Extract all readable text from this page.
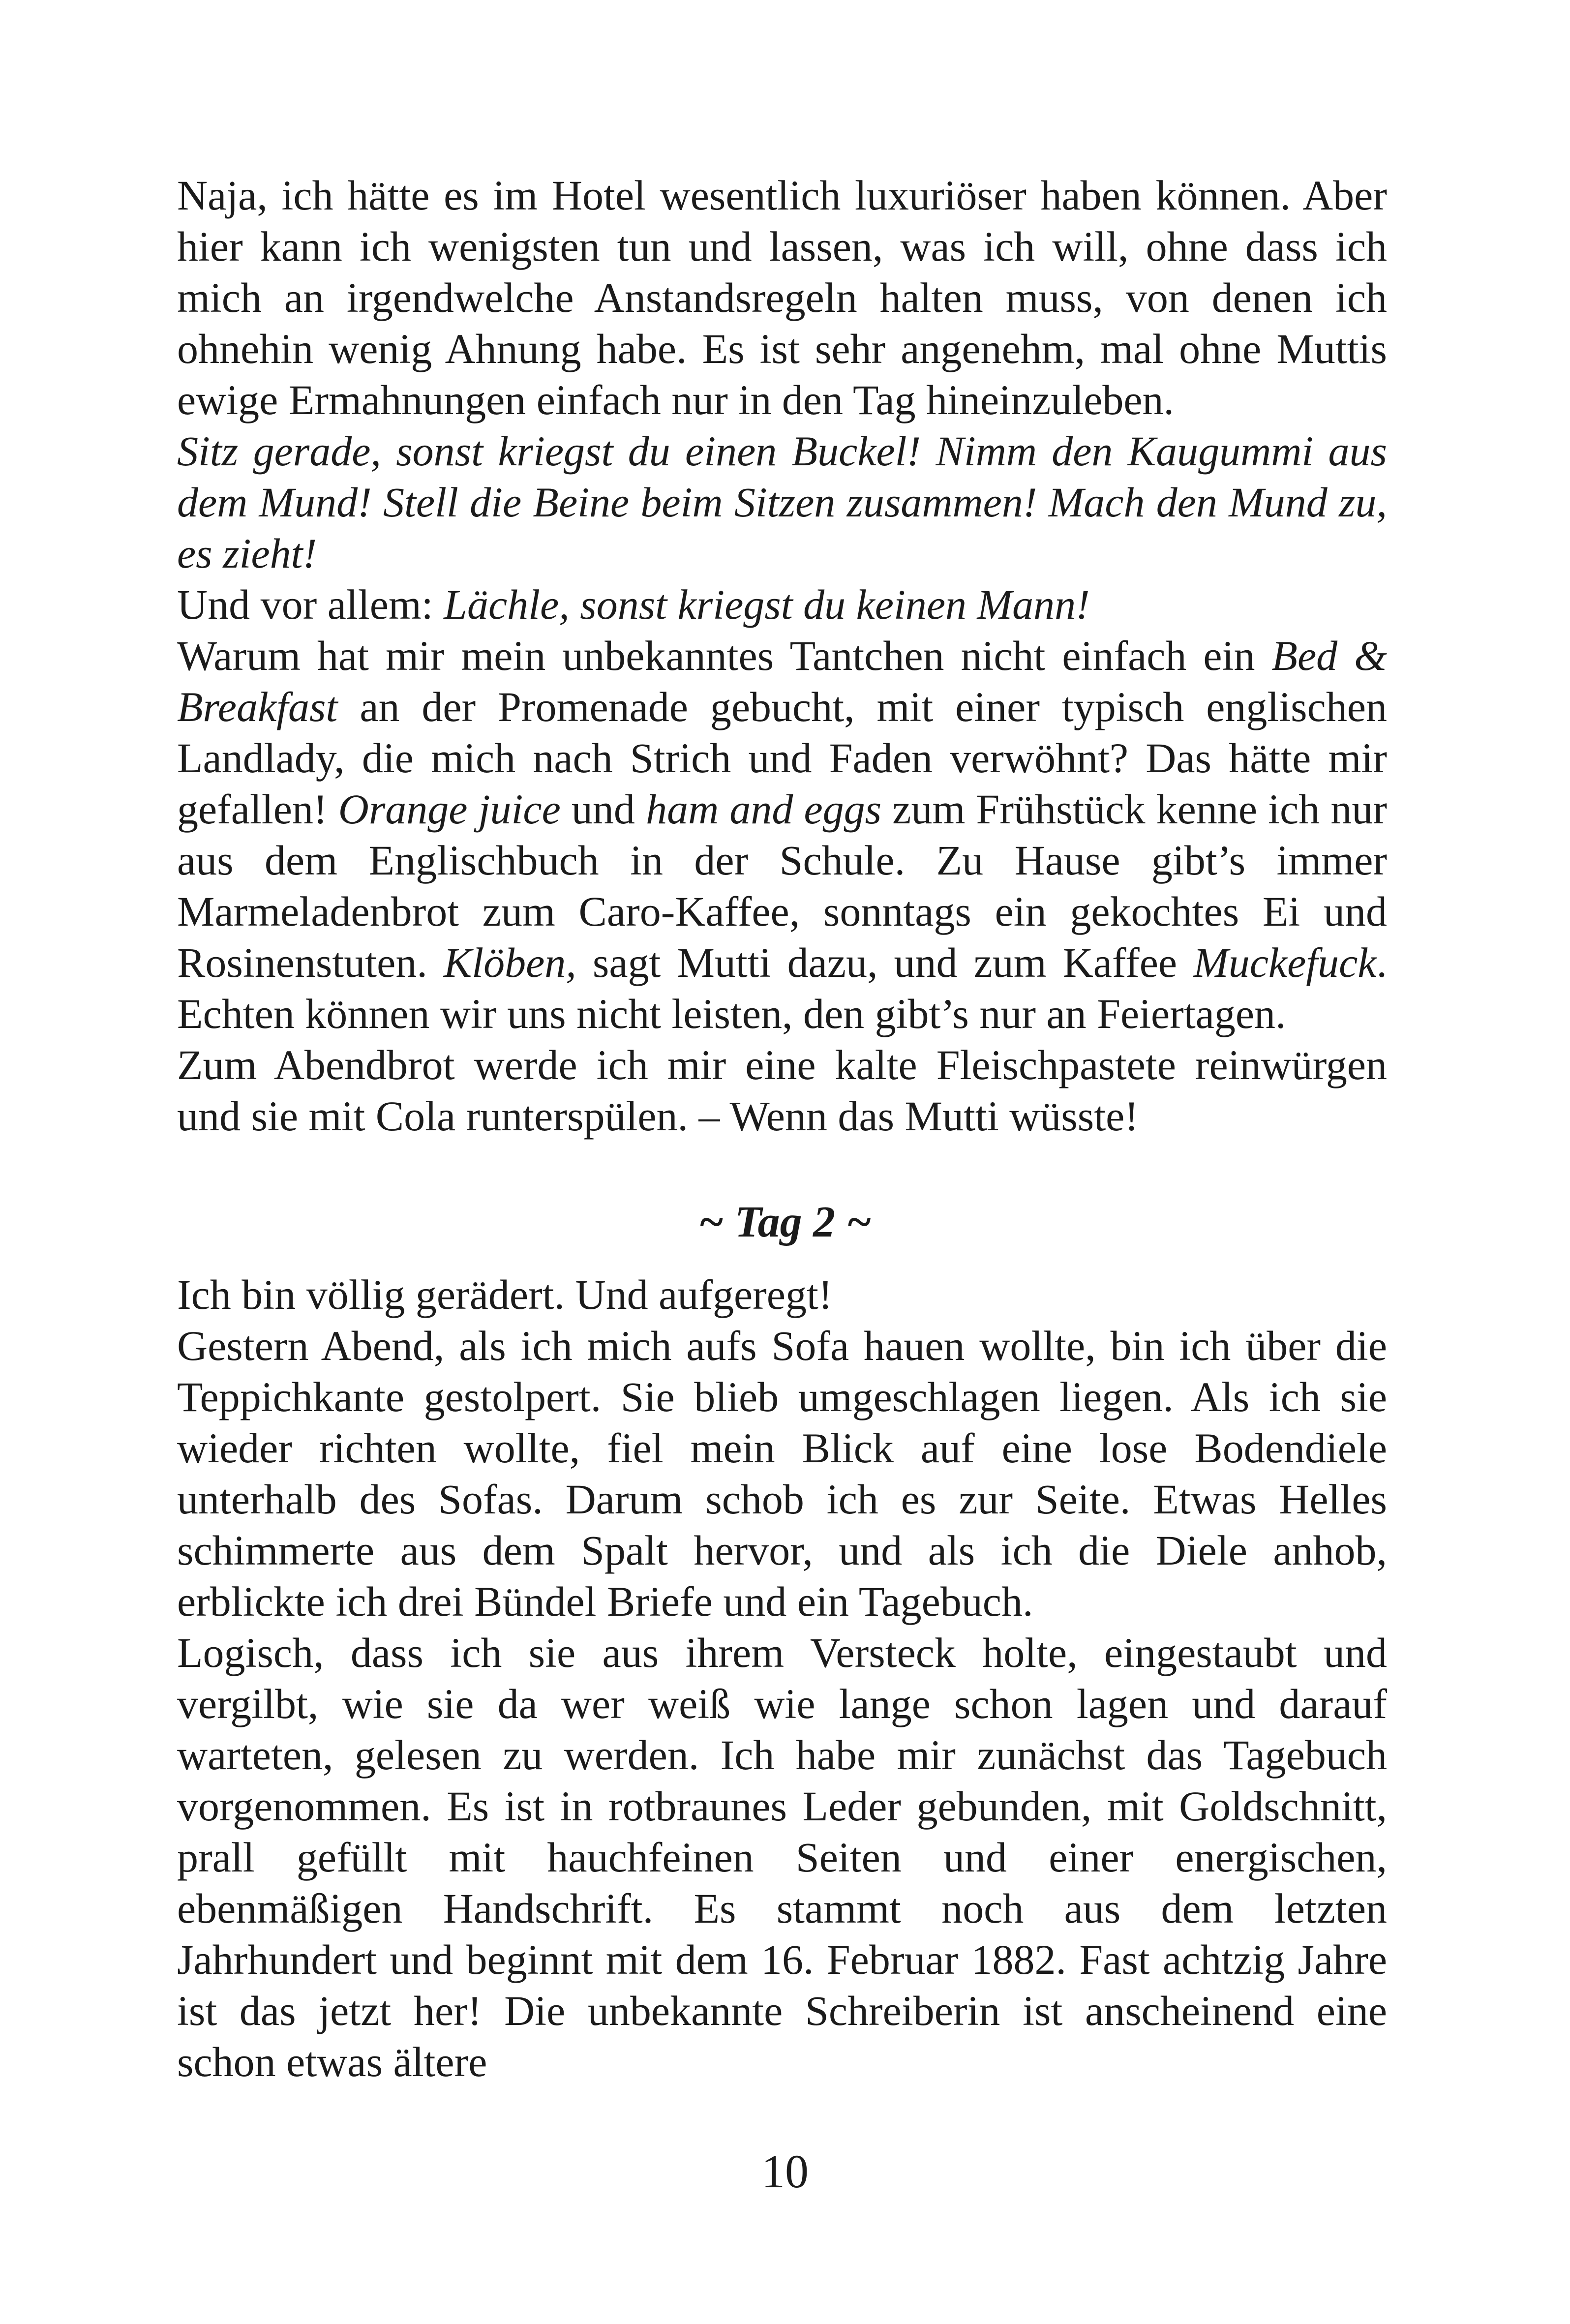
Naja, ich hätte es im Hotel wesentlich luxuriöser haben können. Aber hier kann ich wenigsten tun und lassen, was ich will, ohne dass ich mich an irgendwelche Anstandsregeln halten muss, von denen ich ohnehin wenig Ahnung habe. Es ist sehr angenehm, mal ohne Muttis ewige Ermahnungen einfach nur in den Tag hineinzuleben.

Sitz gerade, sonst kriegst du einen Buckel! Nimm den Kaugummi aus dem Mund! Stell die Beine beim Sitzen zusammen! Mach den Mund zu, es zieht!

Und vor allem: Lächle, sonst kriegst du keinen Mann!

Warum hat mir mein unbekanntes Tantchen nicht einfach ein Bed & Breakfast an der Promenade gebucht, mit einer typisch englischen Landlady, die mich nach Strich und Faden verwöhnt? Das hätte mir gefallen! Orange juice und ham and eggs zum Frühstück kenne ich nur aus dem Englischbuch in der Schule. Zu Hause gibt’s immer Marmeladenbrot zum Caro-Kaffee, sonntags ein gekochtes Ei und Rosinenstuten. Klöben, sagt Mutti dazu, und zum Kaffee Muckefuck. Echten können wir uns nicht leisten, den gibt’s nur an Feiertagen.

Zum Abendbrot werde ich mir eine kalte Fleischpastete reinwürgen und sie mit Cola runterspülen. – Wenn das Mutti wüsste!

~ Tag 2 ~

Ich bin völlig gerädert. Und aufgeregt!

Gestern Abend, als ich mich aufs Sofa hauen wollte, bin ich über die Teppichkante gestolpert. Sie blieb umgeschlagen liegen. Als ich sie wieder richten wollte, fiel mein Blick auf eine lose Bodendiele unterhalb des Sofas. Darum schob ich es zur Seite. Etwas Helles schimmerte aus dem Spalt hervor, und als ich die Diele anhob, erblickte ich drei Bündel Briefe und ein Tagebuch.

Logisch, dass ich sie aus ihrem Versteck holte, eingestaubt und vergilbt, wie sie da wer weiß wie lange schon lagen und darauf warteten, gelesen zu werden. Ich habe mir zunächst das Tagebuch vorgenommen. Es ist in rotbraunes Leder gebunden, mit Goldschnitt, prall gefüllt mit hauchfeinen Seiten und einer energischen, ebenmäßigen Handschrift. Es stammt noch aus dem letzten Jahrhundert und beginnt mit dem 16. Februar 1882. Fast achtzig Jahre ist das jetzt her! Die unbekannte Schreiberin ist anscheinend eine schon etwas ältere

10
